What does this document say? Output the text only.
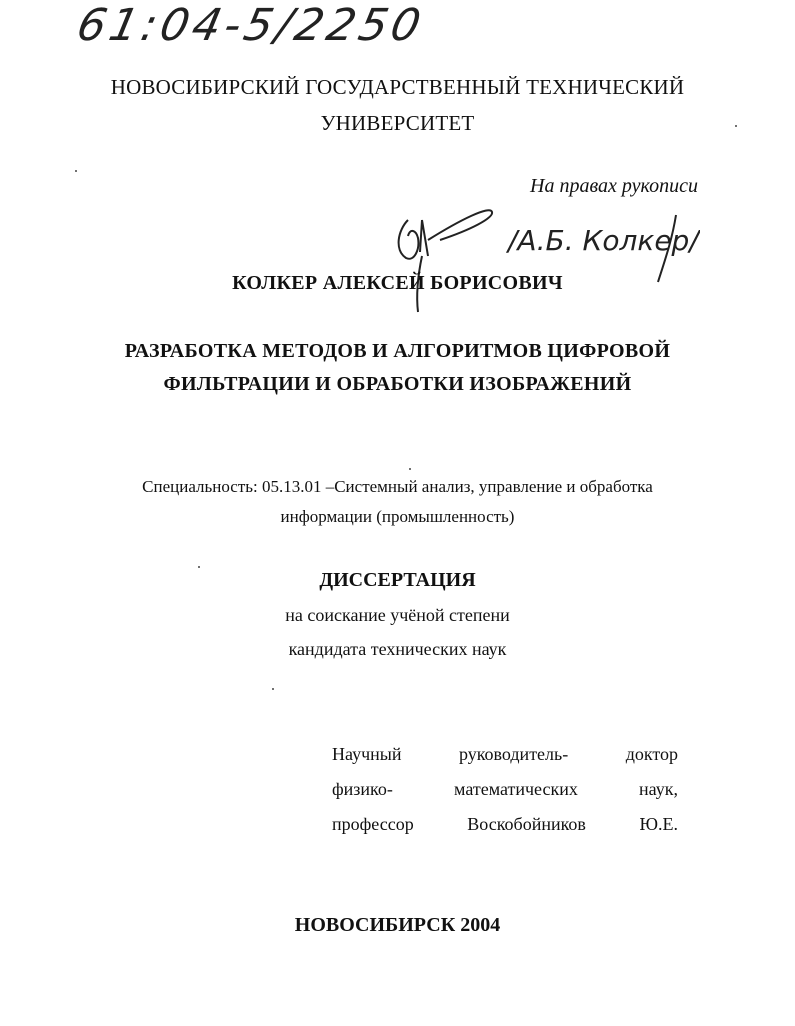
61:04-5/2250
НОВОСИБИРСКИЙ ГОСУДАРСТВЕННЫЙ ТЕХНИЧЕСКИЙ
УНИВЕРСИТЕТ
На правах рукописи
/А.Б. Колкер/
КОЛКЕР АЛЕКСЕЙ БОРИСОВИЧ
РАЗРАБОТКА МЕТОДОВ И АЛГОРИТМОВ ЦИФРОВОЙ
ФИЛЬТРАЦИИ И ОБРАБОТКИ ИЗОБРАЖЕНИЙ
Специальность: 05.13.01 –Системный анализ, управление и обработка
информации (промышленность)
ДИССЕРТАЦИЯ
на соискание учёной степени
кандидата технических наук
Научный руководитель- доктор
физико- математических наук,
профессор Воскобойников Ю.Е.
НОВОСИБИРСК 2004
